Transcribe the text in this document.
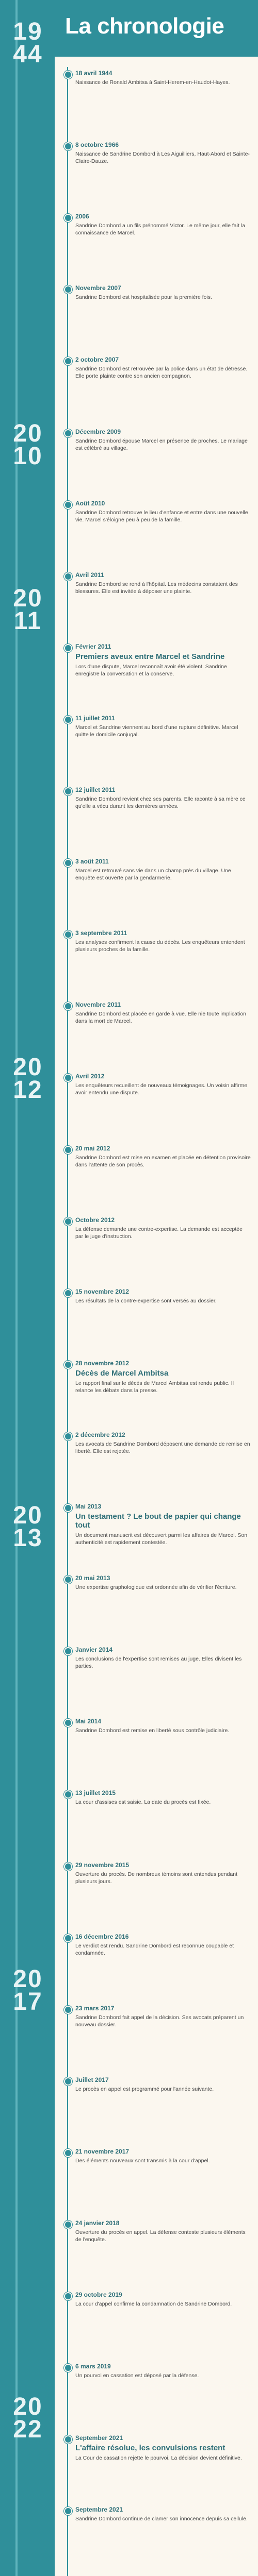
La chronologie
19
44
20
10
20
11
20
12
20
13
20
17
20
22
18 avril 1944
Naissance de Ronald Ambitsa à Saint-Herem-en-Haudot-Hayes.
8 octobre 1966
Naissance de Sandrine Dombord à Les Aiguilliers, Haut-Abord et Sainte-Claire-Dauze.
2006
Sandrine Dombord a un fils prénommé Victor. Le même jour, elle fait la connaissance de Marcel.
Novembre 2007
Sandrine Dombord est hospitalisée pour la première fois.
2 octobre 2007
Sandrine Dombord est retrouvée par la police dans un état de détresse. Elle porte plainte contre son ancien compagnon.
Décembre 2009
Sandrine Dombord épouse Marcel en présence de proches. Le mariage est célébré au village.
Août 2010
Sandrine Dombord retrouve le lieu d'enfance et entre dans une nouvelle vie. Marcel s'éloigne peu à peu de la famille.
Avril 2011
Sandrine Dombord se rend à l'hôpital. Les médecins constatent des blessures. Elle est invitée à déposer une plainte.
Février 2011
Premiers aveux entre Marcel et Sandrine
Lors d'une dispute, Marcel reconnaît avoir été violent. Sandrine enregistre la conversation et la conserve.
11 juillet 2011
Marcel et Sandrine viennent au bord d'une rupture définitive. Marcel quitte le domicile conjugal.
12 juillet 2011
Sandrine Dombord revient chez ses parents. Elle raconte à sa mère ce qu'elle a vécu durant les dernières années.
3 août 2011
Marcel est retrouvé sans vie dans un champ près du village. Une enquête est ouverte par la gendarmerie.
3 septembre 2011
Les analyses confirment la cause du décès. Les enquêteurs entendent plusieurs proches de la famille.
Novembre 2011
Sandrine Dombord est placée en garde à vue. Elle nie toute implication dans la mort de Marcel.
Avril 2012
Les enquêteurs recueillent de nouveaux témoignages. Un voisin affirme avoir entendu une dispute.
20 mai 2012
Sandrine Dombord est mise en examen et placée en détention provisoire dans l'attente de son procès.
Octobre 2012
La défense demande une contre-expertise. La demande est acceptée par le juge d'instruction.
15 novembre 2012
Les résultats de la contre-expertise sont versés au dossier.
28 novembre 2012
Décès de Marcel Ambitsa
Le rapport final sur le décès de Marcel Ambitsa est rendu public. Il relance les débats dans la presse.
2 décembre 2012
Les avocats de Sandrine Dombord déposent une demande de remise en liberté. Elle est rejetée.
Mai 2013
Un testament ? Le bout de papier qui change tout
Un document manuscrit est découvert parmi les affaires de Marcel. Son authenticité est rapidement contestée.
20 mai 2013
Une expertise graphologique est ordonnée afin de vérifier l'écriture.
Janvier 2014
Les conclusions de l'expertise sont remises au juge. Elles divisent les parties.
Mai 2014
Sandrine Dombord est remise en liberté sous contrôle judiciaire.
13 juillet 2015
La cour d'assises est saisie. La date du procès est fixée.
29 novembre 2015
Ouverture du procès. De nombreux témoins sont entendus pendant plusieurs jours.
16 décembre 2016
Le verdict est rendu. Sandrine Dombord est reconnue coupable et condamnée.
23 mars 2017
Sandrine Dombord fait appel de la décision. Ses avocats préparent un nouveau dossier.
Juillet 2017
Le procès en appel est programmé pour l'année suivante.
21 novembre 2017
Des éléments nouveaux sont transmis à la cour d'appel.
24 janvier 2018
Ouverture du procès en appel. La défense conteste plusieurs éléments de l'enquête.
29 octobre 2019
La cour d'appel confirme la condamnation de Sandrine Dombord.
6 mars 2019
Un pourvoi en cassation est déposé par la défense.
September 2021
L'affaire résolue, les convulsions restent
La Cour de cassation rejette le pourvoi. La décision devient définitive.
Septembre 2021
Sandrine Dombord continue de clamer son innocence depuis sa cellule.
